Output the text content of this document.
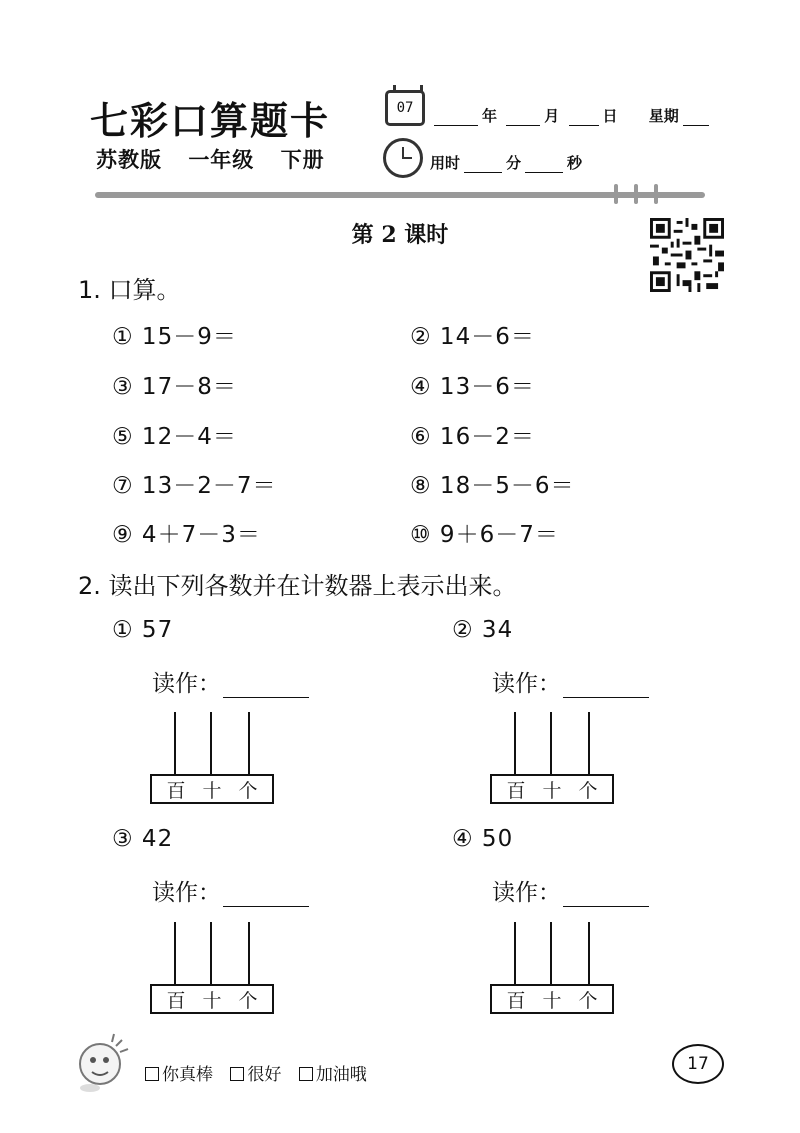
七彩口算题卡
苏教版 一年级 下册
07	年	月	日 星期
用时	分	秒
第 2 课时
1. 口算。
① 15－9＝	② 14－6＝
③ 17－8＝	④ 13－6＝
⑤ 12－4＝	⑥ 16－2＝
⑦ 13－2－7＝	⑧ 18－5－6＝
⑨ 4＋7－3＝	⑩ 9＋6－7＝
2. 读出下列各数并在计数器上表示出来。
① 57
读作：
百 十 个
② 34
读作：
百 十 个
③ 42
读作：
百 十 个
④ 50
读作：
百 十 个
你真棒 很好 加油哦
17
